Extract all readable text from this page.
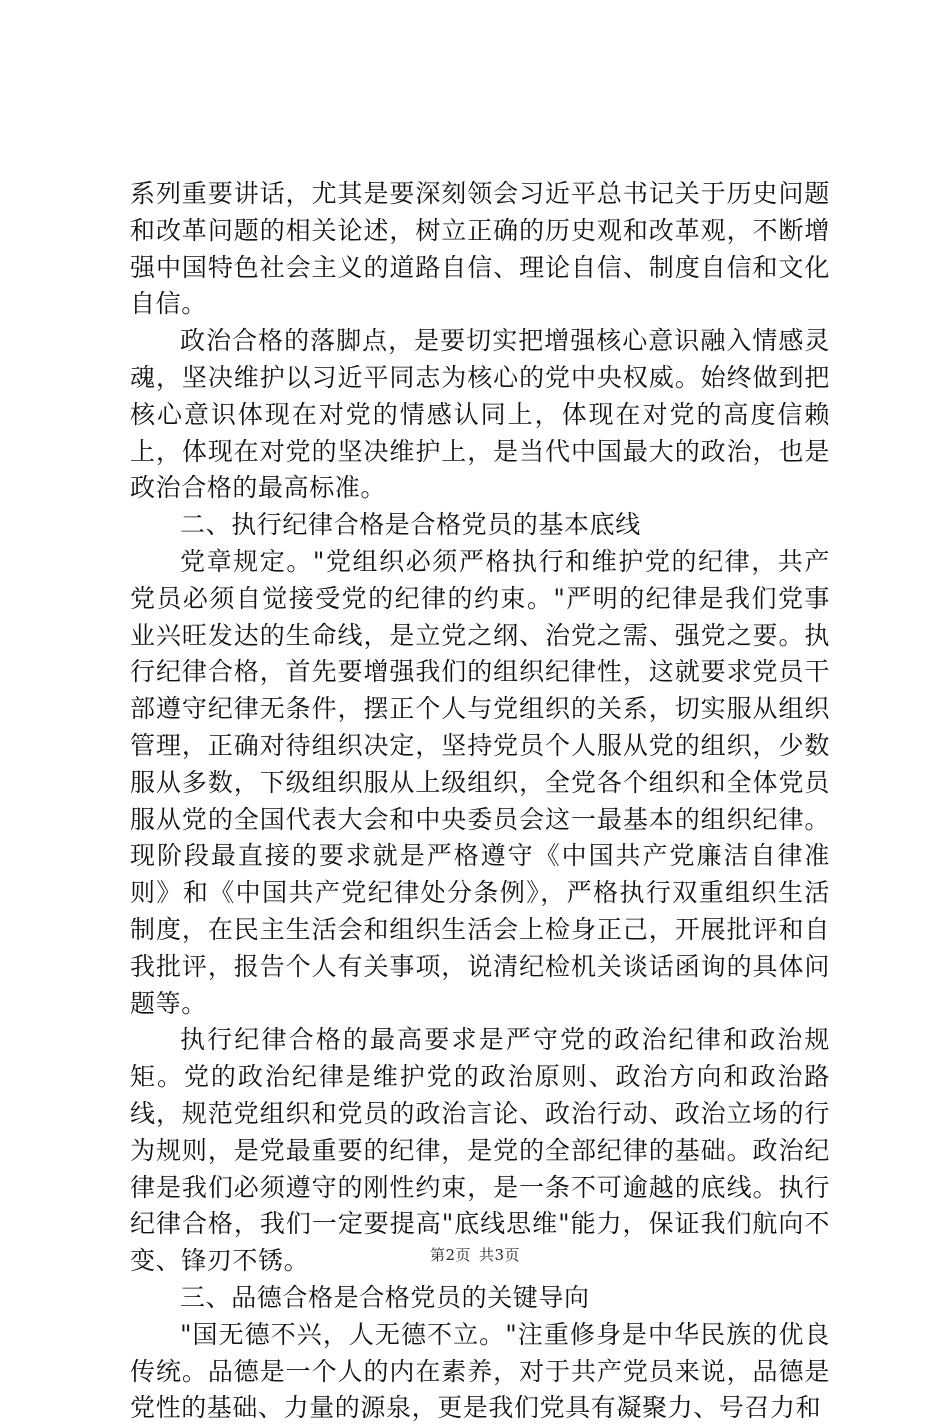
系列重要讲话，尤其是要深刻领会习近平总书记关于历史问题和改革问题的相关论述，树立正确的历史观和改革观，不断增强中国特色社会主义的道路自信、理论自信、制度自信和文化自信。

政治合格的落脚点，是要切实把增强核心意识融入情感灵魂，坚决维护以习近平同志为核心的党中央权威。始终做到把核心意识体现在对党的情感认同上，体现在对党的高度信赖上，体现在对党的坚决维护上，是当代中国最大的政治，也是政治合格的最高标准。

二、执行纪律合格是合格党员的基本底线

党章规定。"党组织必须严格执行和维护党的纪律，共产党员必须自觉接受党的纪律的约束。"严明的纪律是我们党事业兴旺发达的生命线，是立党之纲、治党之需、强党之要。执行纪律合格，首先要增强我们的组织纪律性，这就要求党员干部遵守纪律无条件，摆正个人与党组织的关系，切实服从组织管理，正确对待组织决定，坚持党员个人服从党的组织，少数服从多数，下级组织服从上级组织，全党各个组织和全体党员服从党的全国代表大会和中央委员会这一最基本的组织纪律。现阶段最直接的要求就是严格遵守《中国共产党廉洁自律准则》和《中国共产党纪律处分条例》，严格执行双重组织生活制度，在民主生活会和组织生活会上检身正己，开展批评和自我批评，报告个人有关事项，说清纪检机关谈话函询的具体问题等。

执行纪律合格的最高要求是严守党的政治纪律和政治规矩。党的政治纪律是维护党的政治原则、政治方向和政治路线，规范党组织和党员的政治言论、政治行动、政治立场的行为规则，是党最重要的纪律，是党的全部纪律的基础。政治纪律是我们必须遵守的刚性约束，是一条不可逾越的底线。执行纪律合格，我们一定要提高"底线思维"能力，保证我们航向不变、锋刃不锈。

三、品德合格是合格党员的关键导向

"国无德不兴，人无德不立。"注重修身是中华民族的优良传统。品德是一个人的内在素养，对于共产党员来说，品德是党性的基础、力量的源泉，更是我们党具有凝聚力、号召力和

第2页 共3页
